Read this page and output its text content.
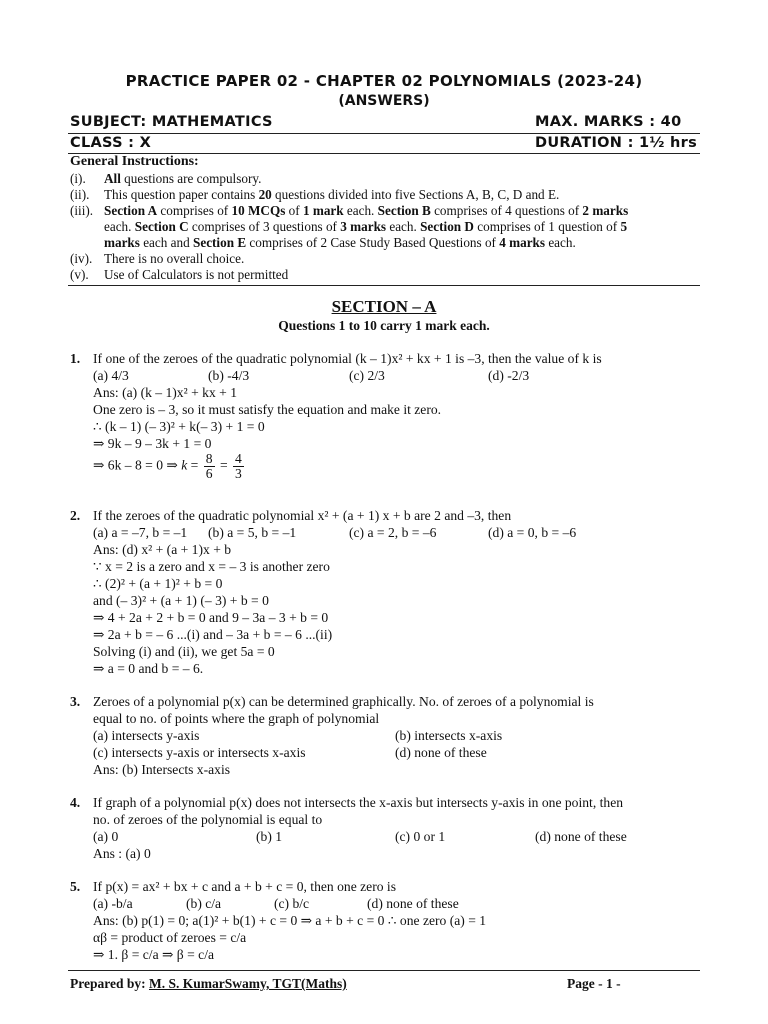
PRACTICE PAPER 02 - CHAPTER 02 POLYNOMIALS (2023-24)
(ANSWERS)
SUBJECT: MATHEMATICS	MAX. MARKS : 40
CLASS : X	DURATION : 1½ hrs
General Instructions:
(i). All questions are compulsory.
(ii). This question paper contains 20 questions divided into five Sections A, B, C, D and E.
(iii). Section A comprises of 10 MCQs of 1 mark each. Section B comprises of 4 questions of 2 marks
each. Section C comprises of 3 questions of 3 marks each. Section D comprises of 1 question of 5
marks each and Section E comprises of 2 Case Study Based Questions of 4 marks each.
(iv). There is no overall choice.
(v). Use of Calculators is not permitted
SECTION – A
Questions 1 to 10 carry 1 mark each.
1. If one of the zeroes of the quadratic polynomial (k – 1)x² + kx + 1 is –3, then the value of k is
(a) 4/3	(b) -4/3	(c) 2/3	(d) -2/3
Ans: (a) (k – 1)x² + kx + 1
One zero is – 3, so it must satisfy the equation and make it zero.
∴ (k – 1) (– 3)² + k(– 3) + 1 = 0
⇒ 9k – 9 – 3k + 1 = 0
⇒ 6k – 8 = 0 ⇒ $k = \frac{8}{6} = \frac{4}{3}$
2. If the zeroes of the quadratic polynomial x² + (a + 1) x + b are 2 and –3, then
(a) a = –7, b = –1 (b) a = 5, b = –1	(c) a = 2, b = –6	(d) a = 0, b = –6
Ans: (d) x² + (a + 1)x + b
∵ x = 2 is a zero and x = – 3 is another zero
∴ (2)² + (a + 1)² + b = 0
and (– 3)² + (a + 1) (– 3) + b = 0
⇒ 4 + 2a + 2 + b = 0 and 9 – 3a – 3 + b = 0
⇒ 2a + b = – 6 ...(i) and – 3a + b = – 6 ...(ii)
Solving (i) and (ii), we get 5a = 0
⇒ a = 0 and b = – 6.
3. Zeroes of a polynomial p(x) can be determined graphically. No. of zeroes of a polynomial is
equal to no. of points where the graph of polynomial
(a) intersects y-axis	(b) intersects x-axis
(c) intersects y-axis or intersects x-axis	(d) none of these
Ans: (b) Intersects x-axis
4. If graph of a polynomial p(x) does not intersects the x-axis but intersects y-axis in one point, then
no. of zeroes of the polynomial is equal to
(a) 0	(b) 1	(c) 0 or 1	(d) none of these
Ans : (a) 0
5. If p(x) = ax² + bx + c and a + b + c = 0, then one zero is
(a) -b/a	(b) c/a	(c) b/c	(d) none of these
Ans: (b) p(1) = 0; a(1)² + b(1) + c = 0 ⇒ a + b + c = 0 ∴ one zero (a) = 1
αβ = product of zeroes = c/a
⇒ 1. β = c/a ⇒ β = c/a
Prepared by: M. S. KumarSwamy, TGT(Maths)	Page - 1 -
